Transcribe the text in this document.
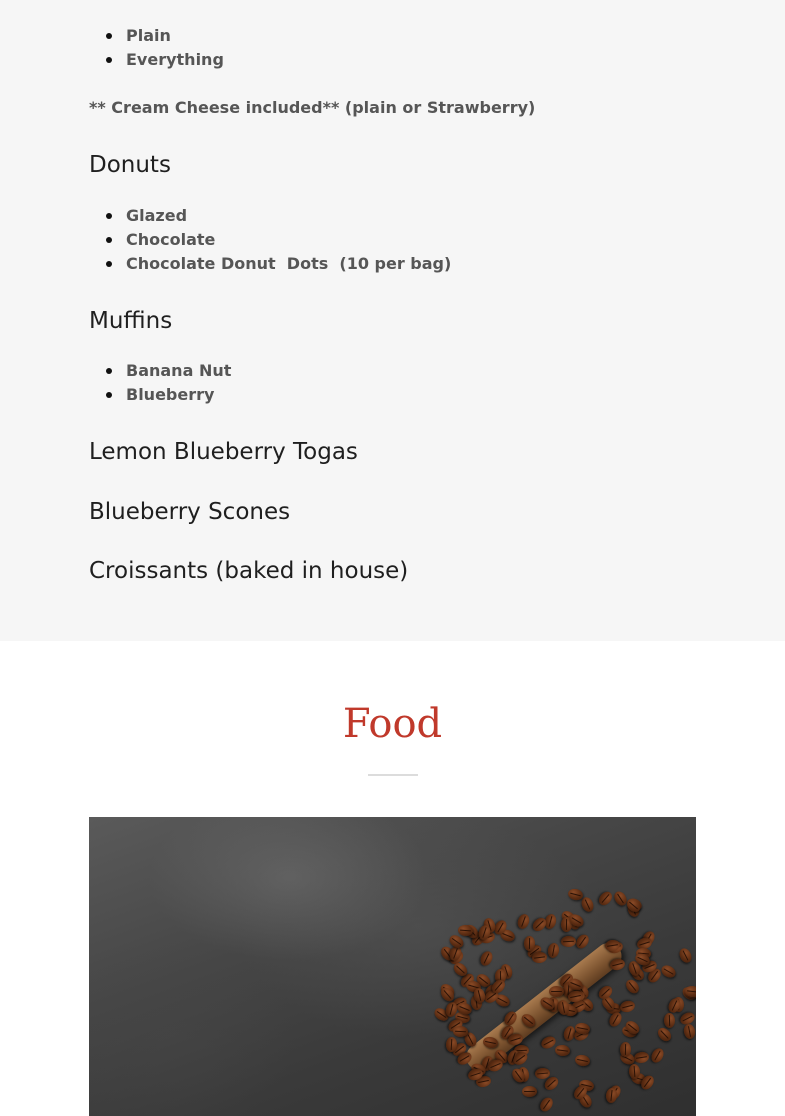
Plain
Everything
** Cream Cheese included** (plain or Strawberry)
Donuts
Glazed
Chocolate
Chocolate Donut  Dots  (10 per bag)
Muffins
Banana Nut
Blueberry
Lemon Blueberry Togas
Blueberry Scones
Croissants (baked in house)
Food
